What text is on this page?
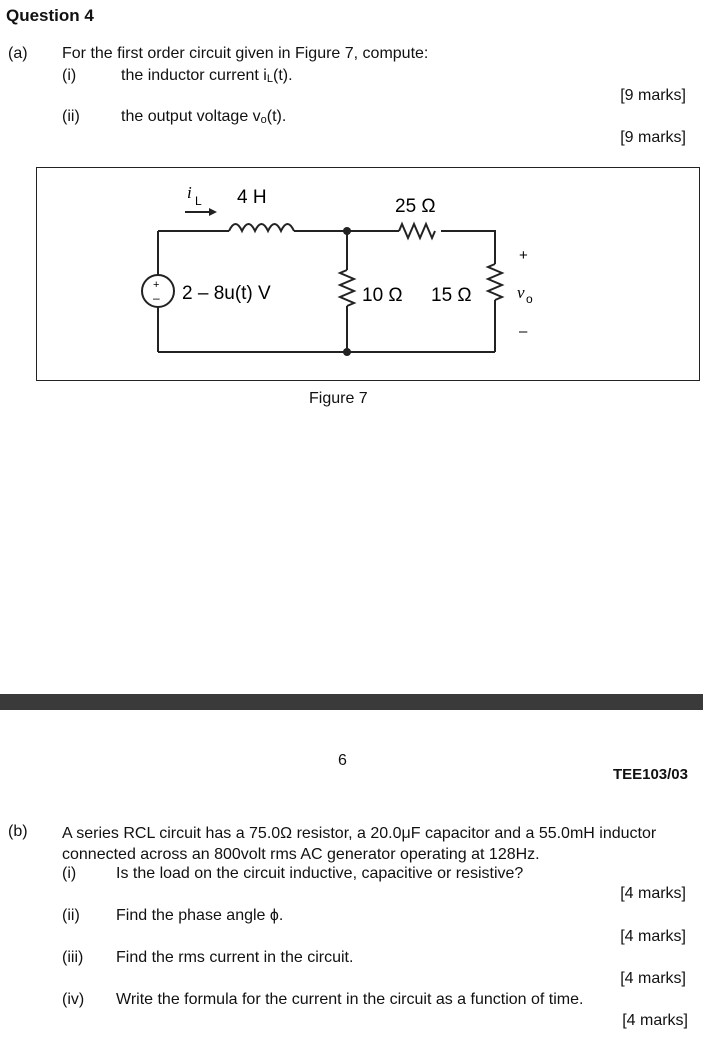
Question 4
(a) For the first order circuit given in Figure 7, compute:
(i)	the inductor current iL(t).
[9 marks]
(ii)	the output voltage vo(t).
[9 marks]
i L 4 H	25 Ω
+
– 2 – 8u(t) V	10 Ω 15 Ω
+
v o
–
Figure 7
6
TEE103/03
(b) A series RCL circuit has a 75.0Ω resistor, a 20.0μF capacitor and a 55.0mH inductor connected across an 800volt rms AC generator operating at 128Hz.
(i) Is the load on the circuit inductive, capacitive or resistive?
[4 marks]
(ii) Find the phase angle ϕ.
[4 marks]
(iii) Find the rms current in the circuit.
[4 marks]
(iv) Write the formula for the current in the circuit as a function of time.
[4 marks]
